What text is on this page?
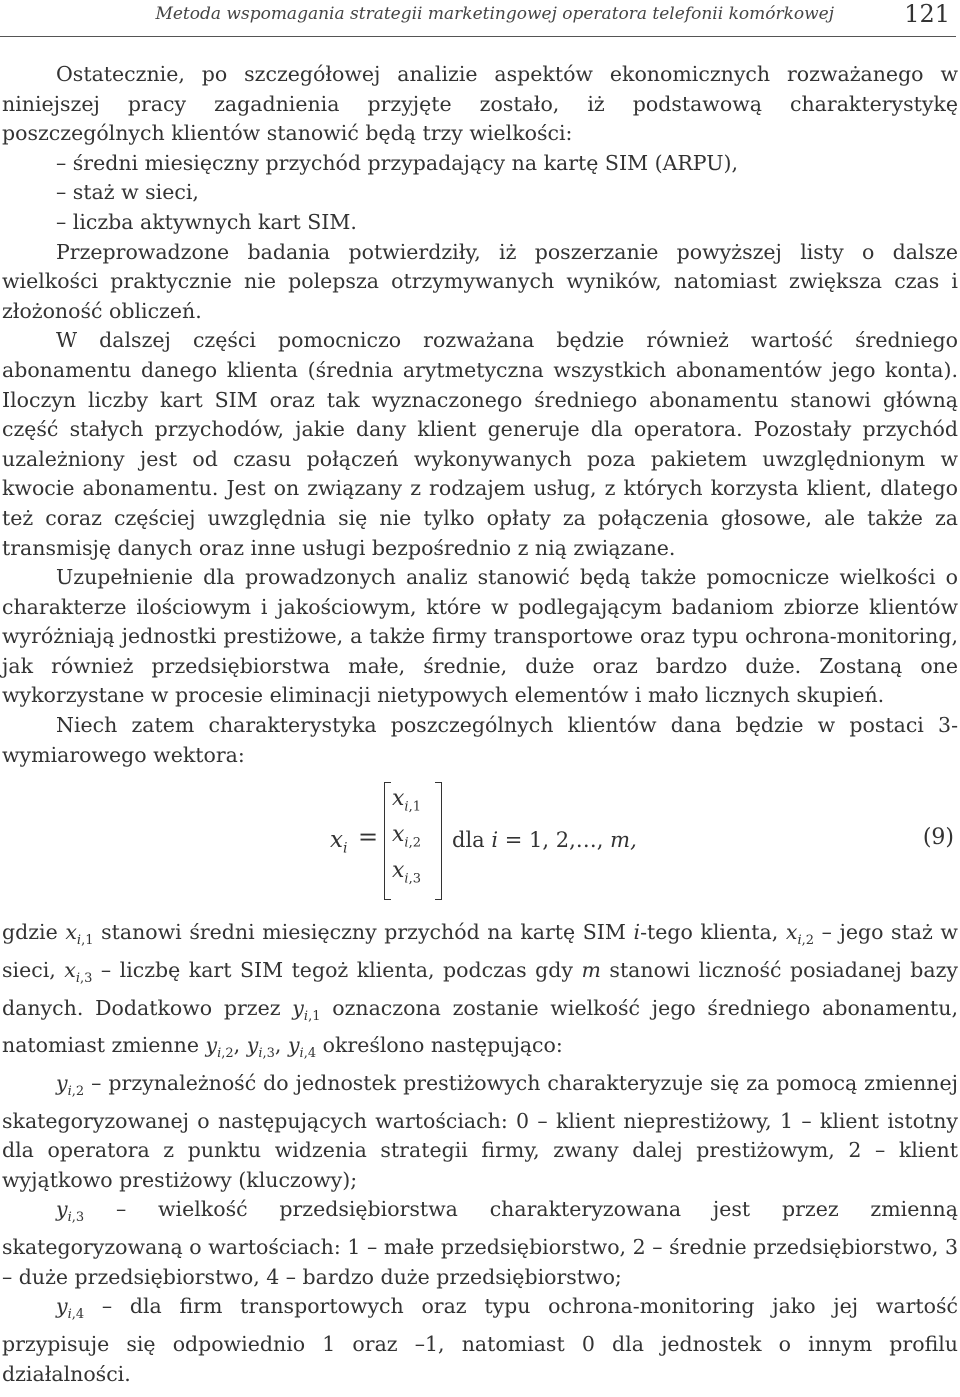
Metoda wspomagania strategii marketingowej operatora telefonii komórkowej	121

Ostatecznie, po szczegółowej analizie aspektów ekonomicznych rozważanego w niniejszej pracy zagadnienia przyjęte zostało, iż podstawową charakterystykę poszczególnych klientów stanowić będą trzy wielkości:

– średni miesięczny przychód przypadający na kartę SIM (ARPU),

– staż w sieci,

– liczba aktywnych kart SIM.

Przeprowadzone badania potwierdziły, iż poszerzanie powyższej listy o dalsze wielkości praktycznie nie polepsza otrzymywanych wyników, natomiast zwiększa czas i złożoność obliczeń.

W dalszej części pomocniczo rozważana będzie również wartość średniego abonamentu danego klienta (średnia arytmetyczna wszystkich abonamentów jego konta). Iloczyn liczby kart SIM oraz tak wyznaczonego średniego abonamentu stanowi główną część stałych przychodów, jakie dany klient generuje dla operatora. Pozostały przychód uzależniony jest od czasu połączeń wykonywanych poza pakietem uwzględnionym w kwocie abonamentu. Jest on związany z rodzajem usług, z których korzysta klient, dlatego też coraz częściej uwzględnia się nie tylko opłaty za połączenia głosowe, ale także za transmisję danych oraz inne usługi bezpośrednio z nią związane.

Uzupełnienie dla prowadzonych analiz stanowić będą także pomocnicze wielkości o charakterze ilościowym i jakościowym, które w podlegającym badaniom zbiorze klientów wyróżniają jednostki prestiżowe, a także firmy transportowe oraz typu ochrona-monitoring, jak również przedsiębiorstwa małe, średnie, duże oraz bardzo duże. Zostaną one wykorzystane w procesie eliminacji nietypowych elementów i mało licznych skupień.

Niech zatem charakterystyka poszczególnych klientów dana będzie w postaci 3-wymiarowego wektora:

$x_i$ =
$x_{i,1}$
$x_{i,2}$
$x_{i,3}$
dla i = 1, 2,…, m,	(9)

gdzie $x_{i,1}$ stanowi średni miesięczny przychód na kartę SIM i-tego klienta, $x_{i,2}$ – jego staż w sieci, $x_{i,3}$ – liczbę kart SIM tegoż klienta, podczas gdy m stanowi liczność posiadanej bazy danych. Dodatkowo przez $y_{i,1}$ oznaczona zostanie wielkość jego średniego abonamentu, natomiast zmienne $y_{i,2}$, $y_{i,3}$, $y_{i,4}$ określono następująco:

$y_{i,2}$ – przynależność do jednostek prestiżowych charakteryzuje się za pomocą zmiennej skategoryzowanej o następujących wartościach: 0 – klient nieprestiżowy, 1 – klient istotny dla operatora z punktu widzenia strategii firmy, zwany dalej prestiżowym, 2 – klient wyjątkowo prestiżowy (kluczowy);

$y_{i,3}$ – wielkość przedsiębiorstwa charakteryzowana jest przez zmienną skategoryzowaną o wartościach: 1 – małe przedsiębiorstwo, 2 – średnie przedsiębiorstwo, 3 – duże przedsiębiorstwo, 4 – bardzo duże przedsiębiorstwo;

$y_{i,4}$ – dla firm transportowych oraz typu ochrona-monitoring jako jej wartość przypisuje się odpowiednio 1 oraz –1, natomiast 0 dla jednostek o innym profilu działalności.
